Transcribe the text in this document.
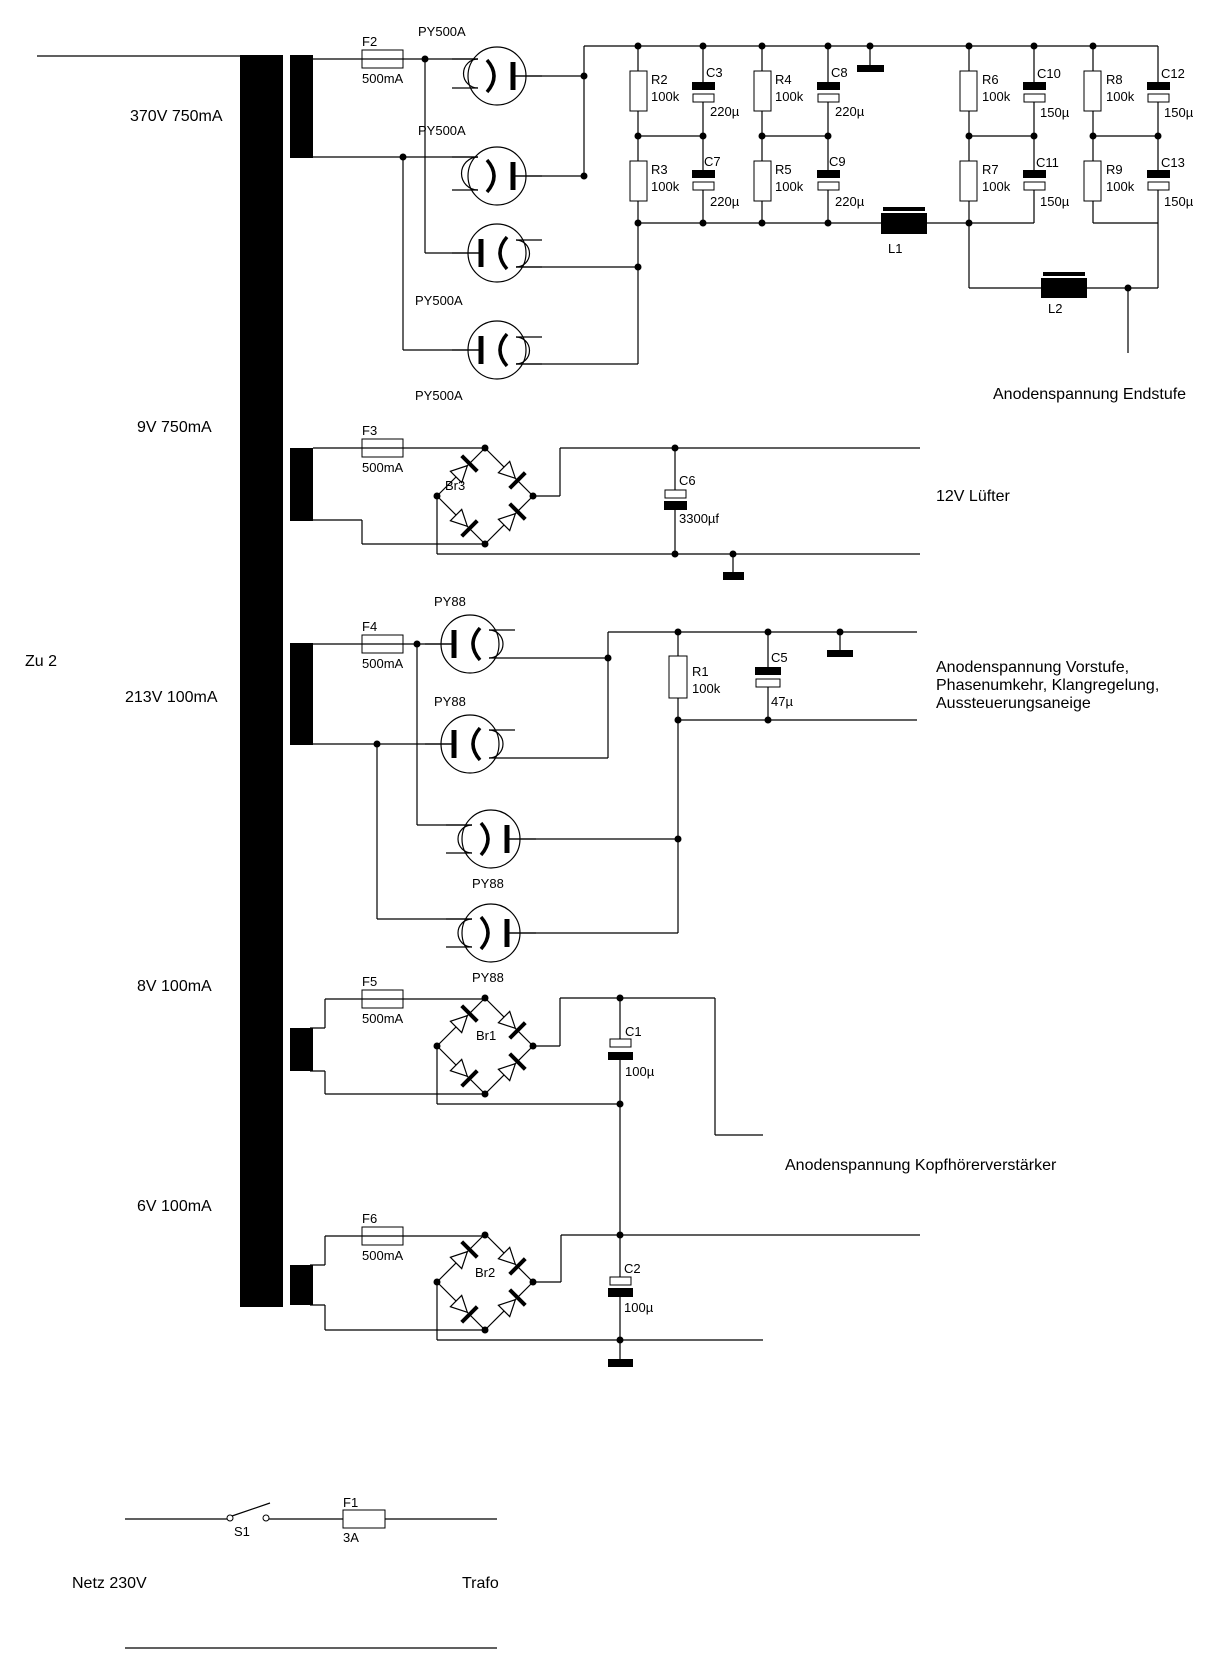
370V 750mA
9V 750mA
213V 100mA
8V 100mA
6V 100mA
Zu 2
Netz 230V	Trafo
Anodenspannung Endstufe
12V Lüfter
Anodenspannung Vorstufe,
Phasenumkehr, Klangregelung,
Aussteuerungsaneige
Anodenspannung Kopfhörerverstärker
F1
3A
F2
500mA
F3
500mA
F4
500mA
F5
500mA
F6
500mA
S1
PY500A
PY500A
PY500A
PY500A
PY88
PY88
PY88
PY88
Br1
Br2
Br3
R1
100k
R2
100k
R3
100k
R4
100k
R5
100k
R6
100k
R7
100k
R8
100k
R9
100k
C1
100µ
C2
100µ
C3
220µ
C5
47µ
C6
3300µf
C7
220µ
C8
220µ
C9
220µ
C10
150µ
C11
150µ
C12
150µ
C13
150µ
L1
L2
